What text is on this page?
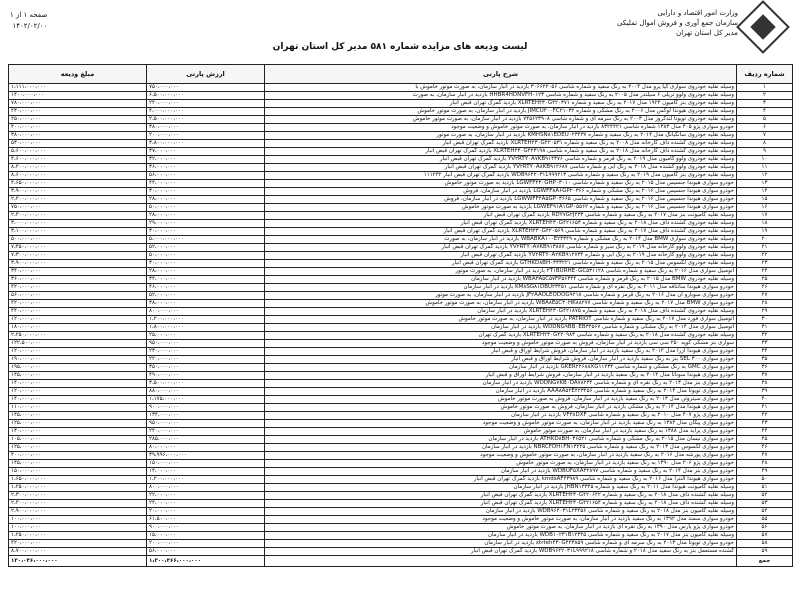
وزارت امور اقتصاد و دارایی
سازمان جمع آوری و فروش اموال تملیکی
مدیر کل استان تهران
صفحه ۱ از ۱
۱۴۰۲/۰۲/۰۰
لیست ودیعه های مزایده شماره ۵۸۱ مدیر کل استان تهران
شماره ردیف	شرح پارتی	ارزش پارتی	مبلغ ودیعه
۱	وسیله نقلیه خودروی سواری کیا پرو مدل ۲۰۰۴ به رنگ سفید و شماره شاسی ۳۰۶۶۲۲۰۵۶ بازدید در انبار سازمان، به صورت موتور خاموش با	۷۵۰،۰۰۰،۰۰۰	۱،۱۱۱،۰۰۰،۰۰۰
۲	وسیله نقلیه خودروی ولوو تریلی ۶ سیلندر مدل ۲۰۰۵ به رنگ سفید و شماره شاسی HHBR4HDNVFH۰۱۲۳ بازدید در انبار سازمان، به صورت	۶،۵۰۰،۰۰۰،۰۰۰	۱۴۰۰،۰۰۰،۰۰۰
۳	وسیله نقلیه خودروی بنز کامیون ۱۹۲۴ مدل ۲۰۱۷ به رنگ سفید و شماره XLRTEH۴۳۰G۴۲۰۳۷۱ بازدید گمرک تهران قبض انبار	۲۴۰،۰۰۰،۰۰۰	۷۸۰،۰۰۰،۰۰۰
۴	وسیله نقلیه خودروی هیوندا لوکس مدل ۲۰۰۶ به رنگ مشکی و شماره JIMCU۴۰۰FC۲۱۰۳۲ بازدید در انبار سازمان، به صورت موتور خاموش	۴،۰۰۰،۰۰۰،۰۰۰	۴۳۰،۰۰۰،۰۰۰
۵	وسیله نقلیه خودروی تویوتا لندکروز مدل ۲۰۰۳ به رنگ سرمه ای و شماره شاسی ۷۴۵۶۲۳۹۰۸ بازدید در انبار سازمان، به صورت موتور خاموش	۲،۵۰۰،۰۰۰،۰۰۰	۲۵۰،۰۰۰،۰۰۰
۶	خودرو سواری پژو ۴۰۵ مدل ۱۳۸۳ شماره شاسی ۸۳۲۴۴۲۱ بازدید در انبار سازمان، به صورت موتور خاموش و وضعیت موجود	۳۸۰،۰۰۰،۰۰۰	۴۰۰،۰۰۰،۰۰۰
۷	وسیله نقلیه خودروی سانگیانگ مدل ۲۰۱۴ به رنگ سفید و شماره KMHSN۸۱EDEU۰۲۳۴۳۷ بازدید در انبار سازمان، به صورت موتور	۲۰۰،۰۰۰،۰۰۰	۳۸۰،۰۰۰،۰۰۰
۸	وسیله نقلیه خودروی کشنده داف کارخانه مدل ۲۰۰۸ به رنگ سفید و شماره XLRTEH۴۳۰G۴۲۰۵۳۱ بازدید گمرک تهران قبض انبار	۳،۸۰۰،۰۰۰،۰۰۰	۵۳۰،۰۰۰،۰۰۰
۹	وسیله نقلیه خودروی کشنده داف کارخانه مدل ۲۰۱۸ به رنگ سفید و شماره شاسی XLRTEH۴۳۰G۴۲۳۱۹۸ بازدید گمرک تهران قبض انبار	۳۷،۰۰۰،۰۰۰	۵،۶۰۰،۰۰۰،۰۰۰
۱۰	وسیله نقلیه خودروی ولوو کامیون مدل ۲۰۱۹ به رنگ قرمز و شماره شاسی YV۲RTY۰A۷KB۹۱۴۳۷۶ بازدید گمرک تهران قبض انبار	۳۲،۰۰۰،۰۰۰	۴،۶۰۰،۰۰۰،۰۰۰
۱۱	وسیله نقلیه خودروی ولوو کشنده مدل ۲۰۱۸ به رنگ آبی و شماره شاسی YV۲RTY۰A۸KB۹۱۲۶۸۷ بازدید گمرک تهران قبض انبار	۳۶،۰۰۰،۰۰۰	۸،۲۰۰،۰۰۰،۰۰۰
۱۲	وسیله نقلیه خودروی بنز کامیون مدل ۲۰۱۹ به رنگ سفید و شماره شاسی WDB۹۶۴۲۰۳۱L۹۹۹۲۱۳ بازدید گمرک تهران قبض انبار ۱۱۱۲۳۲	۵۶،۰۰۰،۰۰۰	۸،۶۰۰،۰۰۰،۰۰۰
۱۳	خودرو سواری هیوندا جنسیس مدل ۲۰۱۵ به رنگ سفید و شماره شاسی LGWFF۴۳۰GHP۰۳۰۱۰ بازدید به صورت موتور خاموش	۴۴،۰۰۰،۰۰۰	۴،۶۵۰،۰۰۰،۰۰۰
۱۴	خودرو سواری هیوندا جنسیس مدل ۲۰۱۶ به رنگ مشکی و شماره LGWFF۸A۶GP۲۰۳۶۶ بازدید در انبار سازمان، فروش	۳۰،۰۰۰،۰۰۰	۳،۹۰۰،۰۰۰،۰۰۰
۱۵	خودرو سواری هیوندا جنسیس مدل ۲۰۱۶ به رنگ سفید و شماره شاسی LGWWFF۴A۵GP۰۳۶۶۵ بازدید در انبار سازمان، فروش	۲۸،۰۰۰،۰۰۰	۲،۲۰۰،۰۰۰،۰۰۰
۱۶	خودرو سواری هیوندا جنسیس مدل ۲۰۱۶ به رنگ سفید و شماره LGWEF۹۱A۱GP۰۵۵۶۲ بازدید به صورت موتور خاموش	۵۰،۰۰۰،۰۰۰	۷۵۰،۰۰۰،۰۰۰
۱۷	وسیله نقلیه کامیونت بنز مدل ۲۰۱۷ به رنگ سفید و شماره شاسی RDY۷G۲J۴۳۳ بازدید گمرک تهران قبض انبار	۲۸،۰۰۰،۰۰۰	۲،۴۰۰،۰۰۰،۰۰۰
۱۸	وسیله نقلیه خودروی کشنده داف مدل ۲۰۱۸ به رنگ سفید و شماره XLRTEH۴۳۰G۴۲۱۶۵۳ بازدید گمرک تهران قبض انبار	۲۹،۰۰۰،۰۰۰	۳،۰۰۰،۰۰۰،۰۰۰
۱۹	وسیله نقلیه خودروی کشنده داف مدل ۲۰۱۷ به رنگ سفید و شماره شاسی XLRTEH۴۳۰G۴۲۰۵۶۹ بازدید گمرک تهران قبض انبار	۳۰،۰۰۰،۰۰۰	۳،۱۰۰،۰۰۰،۰۰۰
۲۰	وسیله نقلیه خودروی سواری BMW مدل ۲۰۱۴ به رنگ مشکی و شماره WBABKA۱۰۰E۲۳۳۴۹ بازدید در انبار سازمان، به صورت	۵،۰۰۰،۰۰۰،۰۰۰	۵۰۰،۰۰۰،۰۰۰
۲۱	وسیله نقلیه خودروی ولوو کارخانه مدل ۲۰۱۹ به رنگ سبز و شماره شاسی YV۲RTY۰A۷KB۹۱۳۸۸۷ بازدید گمرک تهران قبض انبار	۵۲،۰۰۰،۰۰۰	۷،۴۵۰،۰۰۰،۰۰۰
۲۲	وسیله نقلیه خودروی ولوو کارخانه مدل ۲۰۱۹ به رنگ آبی و شماره YV۲RTY۰A۲KB۹۱۲۷۳۴ بازدید گمرک تهران قبض انبار	۵۰،۰۰۰،۰۰۰	۷،۳۰۰،۰۰۰،۰۰۰
۲۳	وسیله نقلیه خودروی لکسوس مدل ۲۰۱۵ به رنگ سفید و شماره شاسی GTHKD۸BH۰۳۳۳۲۲۱ بازدید گمرک تهران قبض انبار	۳۰،۰۰۰،۰۰۰	۳،۹۰۰،۰۰۰،۰۰۰
۲۴	اتومبیل سواری مدل ۲۰۱۶ به رنگ سفید و شماره شاسی ۲T۱BURHE۰GC۵۳۱۱۲۸ بازدید در انبار سازمان، به صورت موتور	۲۸،۰۰۰،۰۰۰	۳۴۰،۰۰۰،۰۰۰
۲۵	وسیله نقلیه خودروی BMW مدل ۲۰۱۵ به رنگ قرمز و شماره شاسی WBA۳A۵C۵۷FP۵۶۳۴۴ بازدید در انبار سازمان	۳۴،۰۰۰،۰۰۰	۳۶۰،۰۰۰،۰۰۰
۲۶	خودرو سواری هیوندا سانتافه مدل ۲۰۱۱ به رنگ نقره ای و شماره شاسی KM۸SG۸۱DBU۲۳۴۵۱ بازدید در انبار سازمان	۴۶،۰۰۰،۰۰۰	۴۲۰،۰۰۰،۰۰۰
۲۷	خودرو سواری سوبارو ان مدل ۲۰۱۶ به رنگ قرمز و شماره شاسی JF۲AAOLEODOG۹۲۱۸ بازدید در انبار سازمان، به صورت موتور	۵۲،۰۰۰،۰۰۰	۵۶۰،۰۰۰،۰۰۰
۲۸	خودرو سواری BMW مدل ۲۰۱۷ به رنگ سفید و شماره شاسی WBA۸E۵C۳۰HK۸۸۲۷۷ بازدید در انبار سازمان، به صورت موتور خاموش	۳۸،۰۰۰،۰۰۰	۴۲۰،۰۰۰،۰۰۰
۲۹	وسیله نقلیه خودروی کشنده داف مدل ۲۰۱۸ به رنگ سفید و شماره XLRTEH۴۳۰G۴۲۱۸۷۵ بازدید در انبار سازمان	۸۰۰،۰۰۰،۰۰۰	۴۴۰،۰۰۰،۰۰۰
۳۰	اتومبیل سواری فورد مدل ۲۰۱۷ به رنگ سفید و شماره شاسی PATRIOT بازدید در انبار سازمان، به صورت موتور خاموش	۱،۲۰۰،۰۰۰،۰۰۰	۱۲۰،۰۰۰،۰۰۰
۳۱	اتومبیل سواری مدل ۲۰۱۴ به رنگ مشکی و شماره شاسی WDDNG۹BB۰EB۳۴۵۶۷ بازدید در انبار سازمان	۱،۸۰۰،۰۰۰،۰۰۰	۱۸۰،۰۰۰،۰۰۰
۳۲	وسیله نقلیه خودروی کشنده مدل ۲۰۱۸ به رنگ سفید و شماره شاسی XLRTEH۴۳۰G۴۲۰۹۸۳ بازدید گمرک تهران	۲۵،۰۰۰،۰۰۰	۲،۲۵۰،۰۰۰،۰۰۰
۳۳	سواری بنز مشکی کوپه ۲۵۰ سی سی بازدید در انبار سازمان، فروش به صورت موتور خاموش و وضعیت موجود	۹۵۰،۰۰۰،۰۰۰	۱۲۲،۵۰۰،۰۰۰
۳۴	خودرو سواری هیوندا آزرا مدل ۲۰۱۲ به رنگ سفید بازدید در انبار سازمان، فروش شرایط اوراق و قبض انبار	۲۳۰،۰۰۰،۰۰۰	۱۲۰،۰۰۰،۰۰۰
۳۵	خودرو سواری SEL ۳۰۰ بنز به رنگ سفید بازدید در انبار سازمان، فروش شرایط اوراق و قبض انبار	۲۲۰،۰۰۰،۰۰۰	۱۹۰،۰۰۰،۰۰۰
۳۶	خودرو سواری GMC به رنگ مشکی و شماره شاسی GKER۲۲۶۸۸XG۱۱۲۳۴ بازدید در انبار سازمان	۳۵۰،۰۰۰،۰۰۰	۱۹۵،۰۰۰،۰۰۰
۳۷	خودرو سواری هیوندا سوناتا مدل ۲۰۱۴ به رنگ سفید بازدید در انبار سازمان، فروش شرایط اوراق و قبض انبار	۴۹۰،۰۰۰،۰۰۰	۱۴۵،۰۰۰،۰۰۰
۳۸	خودرو سواری بنز مدل ۲۰۱۳ به رنگ نقره ای و شماره شاسی WDDNG۷KB۰DA۷۸۲۳۴ بازدید در انبار سازمان	۳،۵۰۰،۰۰۰،۰۰۰	۱۴۰،۰۰۰،۰۰۰
۳۹	خودرو سواری تویوتا مدل ۲۰۱۴ به رنگ سفید و شماره شاسی AAA۸A۵۲E۴۲۳۴۵۶ بازدید در انبار سازمان	۸۸۰،۰۰۰،۰۰۰	۱۲۰،۰۰۰،۰۰۰
۴۰	خودرو سواری سیتروئن مدل ۲۰۱۳ به رنگ سفید بازدید در انبار سازمان، فروش به صورت موتور خاموش	۱،۱۷۵،۰۰۰،۰۰۰	۱۴۰،۰۰۰،۰۰۰
۴۱	خودرو سواری هیوندا مدل ۲۰۱۴ به رنگ مشکی بازدید در انبار سازمان، فروش به صورت موتور خاموش	۹۰۰،۰۰۰،۰۰۰	۱۱۰،۰۰۰،۰۰۰
۴۲	خودرو سواری پژو ۴۰۷ مدل ۲۰۱۰ به رنگ سفید و شماره شاسی VF۳۸DXF بازدید در انبار سازمان	۱۳۴،۰۰۰،۰۰۰	۱۴۵،۰۰۰،۰۰۰
۴۳	خودرو سواری پیکان مدل ۱۳۸۴ به رنگ سفید بازدید در انبار سازمان، به صورت موتور خاموش و وضعیت موجود	۹۵۰،۰۰۰،۰۰۰	۱۲۵،۰۰۰،۰۰۰
۴۴	خودرو سواری پراید مدل ۱۳۸۸ به رنگ سفید بازدید در انبار سازمان، به صورت موتور خاموش	۲۴۰،۰۰۰،۰۰۰	۱۳۰،۰۰۰،۰۰۰
۴۵	خودرو سواری نیسان مدل ۲۰۱۵ به رنگ مشکی و شماره شاسی ATHKD۸BH۰۳۶۵۲۱ بازدید در انبار سازمان	۲۸۵،۰۰۰،۰۰۰	۱۰۵،۰۰۰،۰۰۰
۴۶	خودرو سواری لکسوس مدل ۲۰۱۳ به رنگ سفید و شماره شاسی NBRCFDH۱FN۱۳۲۴۵ بازدید در انبار سازمان	۸۰،۰۰۰،۰۰۰	۱۲۵،۰۰۰،۰۰۰
۴۷	خودرو سواری پورشه مدل ۲۰۱۶ به رنگ سفید بازدید در انبار سازمان، به صورت موتور خاموش و وضعیت موجود	۳۹،۹۹۶،۰۰۰،۰۰۰	۴۰۰،۰۰۰،۰۰۰
۴۸	خودرو سواری پژو ۲۰۶ مدل ۱۳۹۰ به رنگ سفید بازدید در انبار سازمان، به صورت موتور خاموش	۱۵۰،۰۰۰،۰۰۰	۱۴۵،۰۰۰،۰۰۰
۴۹	خودرو سواری بنز مدل ۲۰۱۴ به رنگ سفید و شماره شاسی WDBUF۵XA۳۲۸۹۷ بازدید در انبار سازمان	۱۴،۰۰۰،۰۰۰	۱۵۰،۰۰۰،۰۰۰
۵۰	خودرو سواری هیوندا النترا مدل ۲۰۱۶ به رنگ سفید و شماره شاسی kmdsAF۴۳۹۸۹ بازدید گمرک تهران قبض انبار	۱،۲۰۰،۰۰۰،۰۰۰	۱،۶۵۰،۰۰۰،۰۰۰
۵۱	وسیله نقلیه کامیونت هیوندا مدل ۲۰۱۱ به رنگ سفید و شماره JHBN۱۳۳۴۵ بازدید در انبار سازمان	۸۰۰،۰۰۰،۰۰۰	۱،۲۵۰،۰۰۰،۰۰۰
۵۲	وسیله نقلیه کشنده داف مدل ۲۰۱۸ به رنگ سفید و شماره XLRTEH۴۳۰G۴۲۰۶۴۲ بازدید گمرک تهران قبض انبار	۲۲،۰۰۰،۰۰۰	۲،۳۰۰،۰۰۰،۰۰۰
۵۳	وسیله نقلیه کشنده داف مدل ۲۰۱۸ به رنگ سفید و شماره XLRTEH۴۳۰G۴۲۱۶۵۴ بازدید گمرک تهران قبض انبار	۲۴،۰۰۰،۰۰۰	۲،۴۰۰،۰۰۰،۰۰۰
۵۴	وسیله نقلیه کامیون بنز مدل ۲۰۱۸ به رنگ سفید و شماره شاسی WDB۹۶۴۰۳۱L۲۳۴۵۶ بازدید در انبار سازمان	۲۰،۰۰۰،۰۰۰	۲،۹۰۰،۰۰۰،۰۰۰
۵۵	خودرو سواری سمند مدل ۱۳۹۲ به رنگ سفید بازدید در انبار سازمان، به صورت موتور خاموش و وضعیت موجود	۶۱،۵۰۰،۰۰۰	۱۰۰،۰۰۰،۰۰۰
۵۶	خودرو سواری پژو پارس مدل ۱۳۹۰ به رنگ نقره ای بازدید در انبار سازمان، به صورت موتور خاموش	۹۰۰،۰۰۰،۰۰۰	۱۰۰،۰۰۰،۰۰۰
۵۷	وسیله نقلیه کامیون بنز مدل ۲۰۱۷ به رنگ سفید و شماره شاسی WDB۱۰۲۳۱B۱۲۳۴۵ بازدید در انبار سازمان	۱۵،۰۰۰،۰۰۰	۱،۲۵۰،۰۰۰،۰۰۰
۵۸	خودرو سواری تویوتا مدل ۲۰۱۳ به رنگ سرمه ای و شماره شاسی xtrteh۴۳۰G۴۲۳۸۵۹ بازدید در انبار سازمان	۲۰۰،۰۰۰،۰۰۰	۴۲۰،۰۰۰،۰۰۰
۵۹	کشنده مستعمل بنز به رنگ سفید مدل ۲۰۱۸ و شماره شاسی WDB۹۶۴۲۰۳۱L۹۹۹۲۱۸ بازدید گمرک تهران قبض انبار	۵۶،۰۰۰،۰۰۰	۸،۷۰۰،۰۰۰،۰۰۰
جمع		۱،۳۰۰،۴۶۶،۰۰۰،۰۰۰	۱۳۰،۰۴۶،۰۰۰،۰۰۰
